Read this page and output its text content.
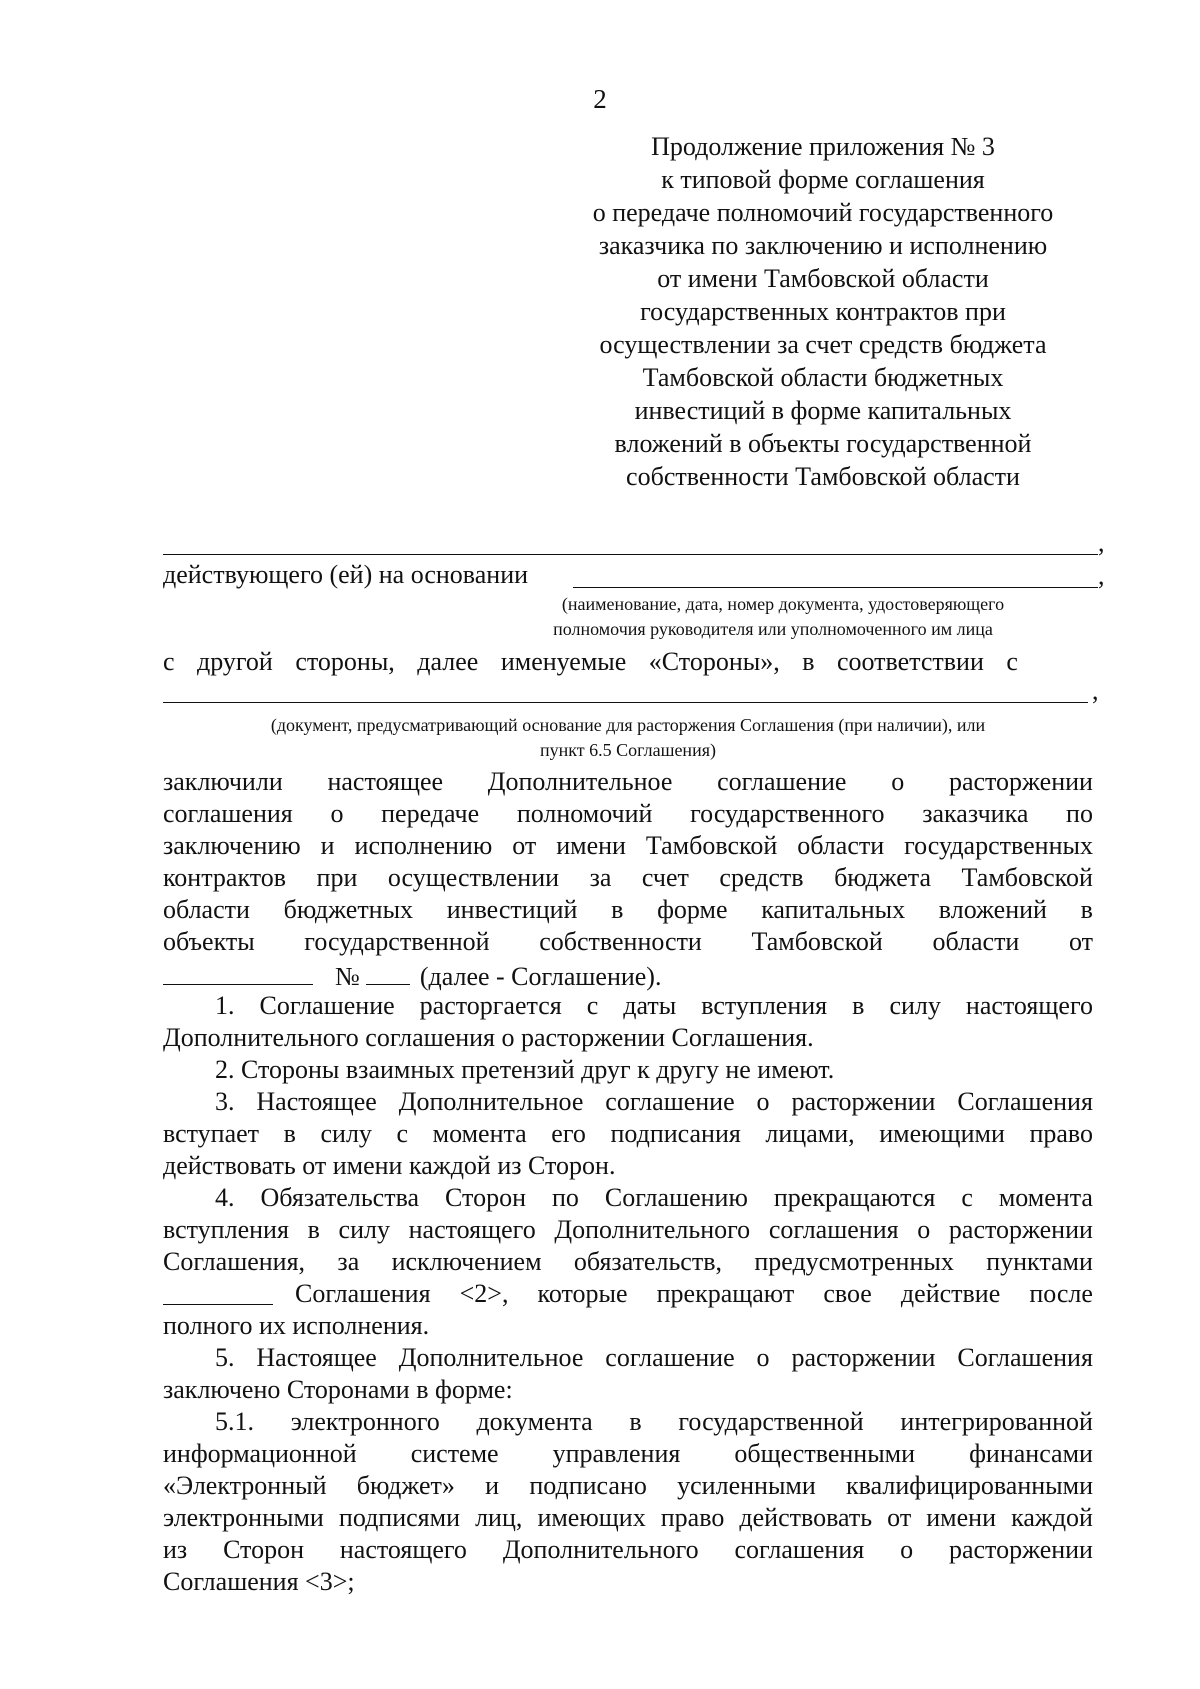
2
Продолжение приложения № 3
к типовой форме соглашения
о передаче полномочий государственного
заказчика по заключению и исполнению
от имени Тамбовской области
государственных контрактов при
осуществлении за счет средств бюджета
Тамбовской области бюджетных
инвестиций в форме капитальных
вложений в объекты государственной
собственности Тамбовской области
,
действующего (ей) на основании	,
(наименование, дата, номер документа, удостоверяющего
полномочия руководителя или уполномоченного им лица
с другой стороны, далее именуемые «Стороны», в соответствии с
,
(документ, предусматривающий основание для расторжения Соглашения (при наличии), или
пункт 6.5 Соглашения)
заключили настоящее Дополнительное соглашение о расторжении
соглашения о передаче полномочий государственного заказчика по
заключению и исполнению от имени Тамбовской области государственных
контрактов при осуществлении за счет средств бюджета Тамбовской
области бюджетных инвестиций в форме капитальных вложений в
объекты государственной собственности Тамбовской области от
№ (далее - Соглашение).
1. Соглашение расторгается с даты вступления в силу настоящего
Дополнительного соглашения о расторжении Соглашения.
2. Стороны взаимных претензий друг к другу не имеют.
3. Настоящее Дополнительное соглашение о расторжении Соглашения
вступает в силу с момента его подписания лицами, имеющими право
действовать от имени каждой из Сторон.
4. Обязательства Сторон по Соглашению прекращаются с момента
вступления в силу настоящего Дополнительного соглашения о расторжении
Соглашения, за исключением обязательств, предусмотренных пунктами
Соглашения <2>, которые прекращают свое действие после
полного их исполнения.
5. Настоящее Дополнительное соглашение о расторжении Соглашения
заключено Сторонами в форме:
5.1. электронного документа в государственной интегрированной
информационной системе управления общественными финансами
«Электронный бюджет» и подписано усиленными квалифицированными
электронными подписями лиц, имеющих право действовать от имени каждой
из Сторон настоящего Дополнительного соглашения о расторжении
Соглашения <3>;
